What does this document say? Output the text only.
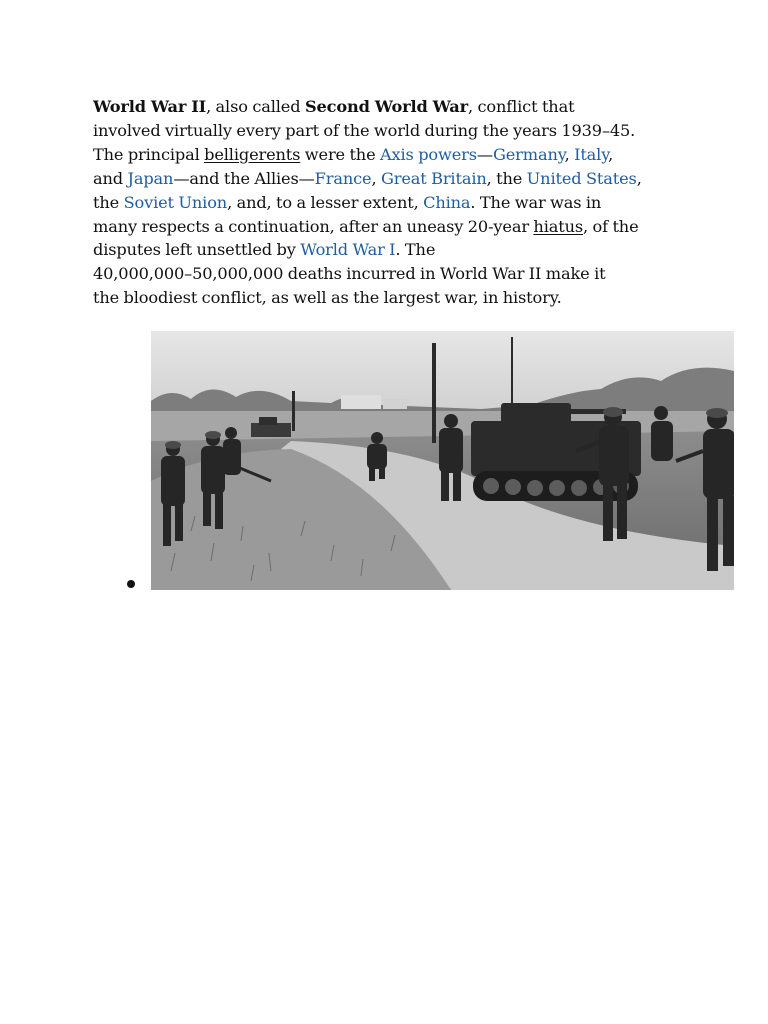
World War II, also called Second World War, conflict that
involved virtually every part of the world during the years 1939–45.
The principal belligerents were the Axis powers—Germany, Italy,
and Japan—and the Allies—France, Great Britain, the United States,
the Soviet Union, and, to a lesser extent, China. The war was in
many respects a continuation, after an uneasy 20-year hiatus, of the
disputes left unsettled by World War I. The
40,000,000–50,000,000 deaths incurred in World War II make it
the bloodiest conflict, as well as the largest war, in history.
